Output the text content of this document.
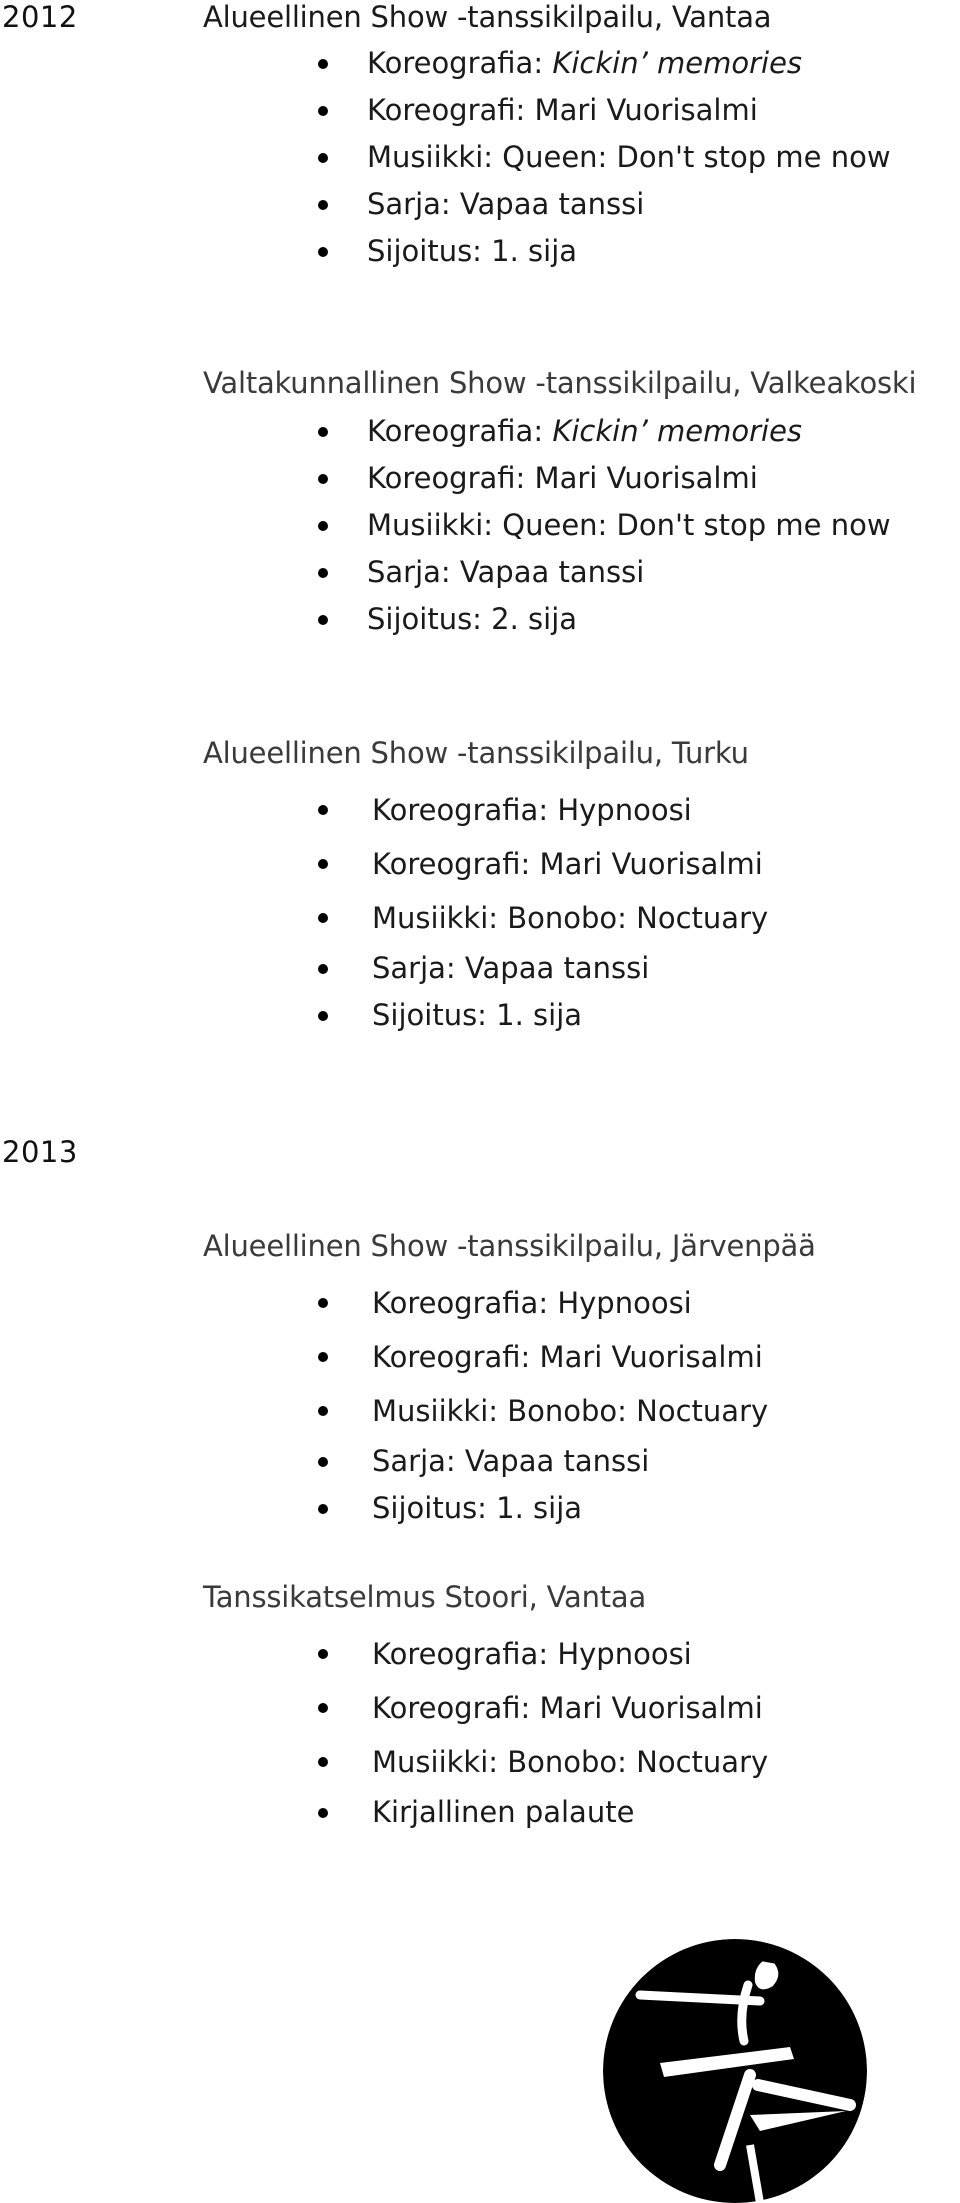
2012	Alueellinen Show -tanssikilpailu, Vantaa
Koreografia: Kickin’ memories
Koreografi: Mari Vuorisalmi
Musiikki: Queen: Don't stop me now
Sarja: Vapaa tanssi
Sijoitus: 1. sija
Valtakunnallinen Show -tanssikilpailu, Valkeakoski
Koreografia: Kickin’ memories
Koreografi: Mari Vuorisalmi
Musiikki: Queen: Don't stop me now
Sarja: Vapaa tanssi
Sijoitus: 2. sija
Alueellinen Show -tanssikilpailu, Turku
Koreografia: Hypnoosi
Koreografi: Mari Vuorisalmi
Musiikki: Bonobo: Noctuary
Sarja: Vapaa tanssi
Sijoitus: 1. sija
2013
Alueellinen Show -tanssikilpailu, Järvenpää
Koreografia: Hypnoosi
Koreografi: Mari Vuorisalmi
Musiikki: Bonobo: Noctuary
Sarja: Vapaa tanssi
Sijoitus: 1. sija
Tanssikatselmus Stoori, Vantaa
Koreografia: Hypnoosi
Koreografi: Mari Vuorisalmi
Musiikki: Bonobo: Noctuary
Kirjallinen palaute
